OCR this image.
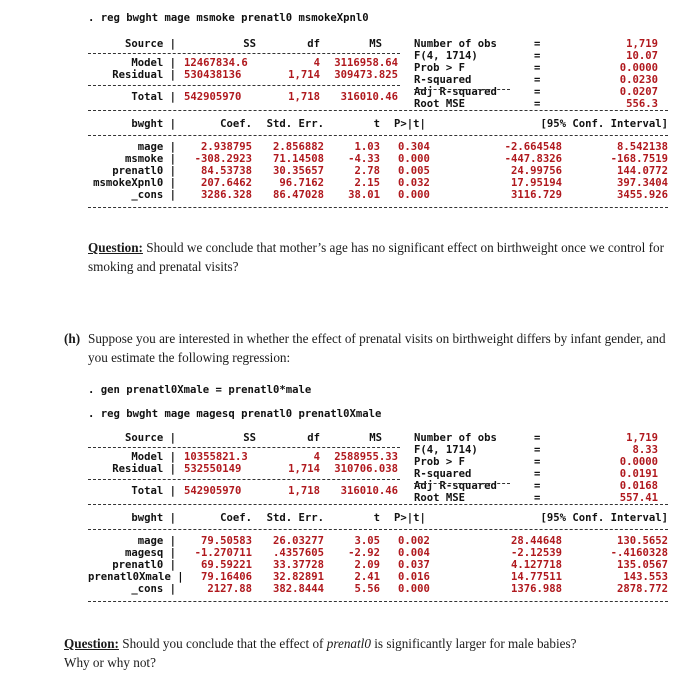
. reg bwght mage msmoke prenatl0 msmokeXpnl0
Source |	SS	df	MS
Model | 12467834.6	4	3116958.64
Residual | 530438136	1,714	309473.825
Total | 542905970	1,718	316010.46
Number of obs	=	1,719
F(4, 1714)	=	10.07
Prob > F	=	0.0000
R-squared	=	0.0230
Adj R-squared	=	0.0207
Root MSE	=	556.3
bwght |	Coef.	Std. Err.	t P>|t|	[95% Conf. Interval]
mage |	2.938795	2.856882	1.03 0.304	-2.664548	8.542138
msmoke |	-308.2923	71.14508	-4.33 0.000	-447.8326	-168.7519
prenatl0 |	84.53738	30.35657	2.78 0.005	24.99756	144.0772
msmokeXpnl0 |	207.6462	96.7162	2.15 0.032	17.95194	397.3404
_cons |	3286.328	86.47028	38.01 0.000	3116.729	3455.926
Question: Should we conclude that mother’s age has no significant effect on birthweight once we control for
smoking and prenatal visits?
(h) Suppose you are interested in whether the effect of prenatal visits on birthweight differs by infant gender, and
you estimate the following regression:
. gen prenatl0Xmale = prenatl0*male
. reg bwght mage magesq prenatl0 prenatl0Xmale
Source |	SS	df	MS
Model | 10355821.3	4	2588955.33
Residual | 532550149	1,714	310706.038
Total | 542905970	1,718	316010.46
Number of obs	=	1,719
F(4, 1714)	=	8.33
Prob > F	=	0.0000
R-squared	=	0.0191
Adj R-squared	=	0.0168
Root MSE	=	557.41
bwght |	Coef.	Std. Err.	t P>|t|	[95% Conf. Interval]
mage |	79.50583	26.03277	3.05 0.002	28.44648	130.5652
magesq |	-1.270711	.4357605	-2.92 0.004	-2.12539	-.4160328
prenatl0 |	69.59221	33.37728	2.09 0.037	4.127718	135.0567
prenatl0Xmale |	79.16406	32.82891	2.41 0.016	14.77511	143.553
_cons |	2127.88	382.8444	5.56 0.000	1376.988	2878.772
Question: Should you conclude that the effect of prenatl0 is significantly larger for male babies?
Why or why not?
